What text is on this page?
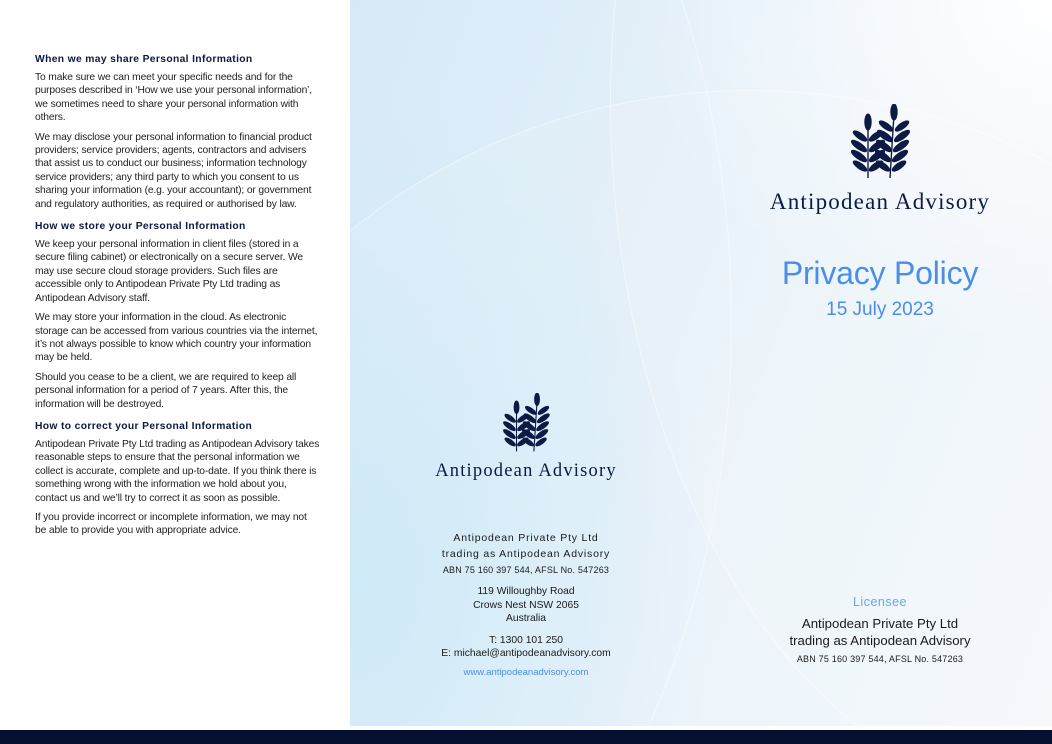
When we may share Personal Information

To make sure we can meet your specific needs and for the purposes described in ‘How we use your personal information’, we sometimes need to share your personal information with others.

We may disclose your personal information to financial product providers; service providers; agents, contractors and advisers that assist us to conduct our business; information technology service providers; any third party to which you consent to us sharing your information (e.g. your accountant); or government and regulatory authorities, as required or authorised by law.

How we store your Personal Information

We keep your personal information in client files (stored in a secure filing cabinet) or electronically on a secure server. We may use secure cloud storage providers. Such files are accessible only to Antipodean Private Pty Ltd trading as Antipodean Advisory staff.

We may store your information in the cloud. As electronic storage can be accessed from various countries via the internet, it’s not always possible to know which country your information may be held.

Should you cease to be a client, we are required to keep all personal information for a period of 7 years. After this, the information will be destroyed.

How to correct your Personal Information

Antipodean Private Pty Ltd trading as Antipodean Advisory takes reasonable steps to ensure that the personal information we collect is accurate, complete and up-to-date. If you think there is something wrong with the information we hold about you, contact us and we’ll try to correct it as soon as possible.

If you provide incorrect or incomplete information, we may not be able to provide you with appropriate advice.

Antipodean Advisory
Antipodean Private Pty Ltd
trading as Antipodean Advisory
ABN 75 160 397 544, AFSL No. 547263
119 Willoughby Road
Crows Nest NSW 2065
Australia
T: 1300 101 250
E: michael@antipodeanadvisory.com
www.antipodeanadvisory.com
Antipodean Advisory
Privacy Policy
15 July 2023
Licensee
Antipodean Private Pty Ltd
trading as Antipodean Advisory
ABN 75 160 397 544, AFSL No. 547263
